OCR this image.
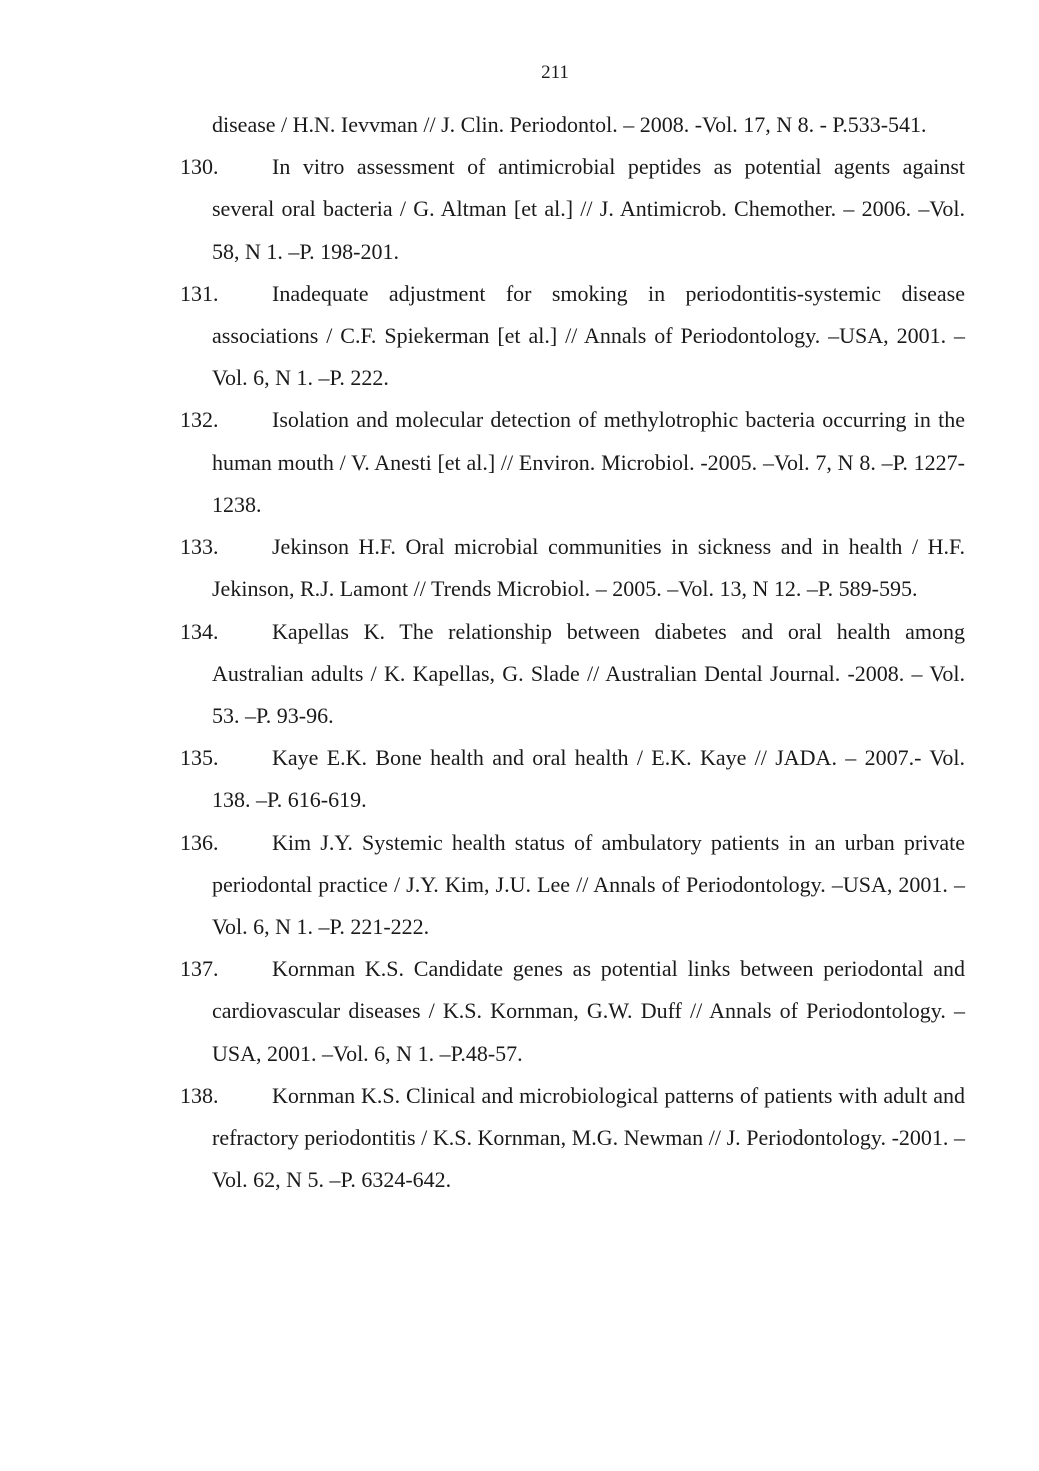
211
disease / H.N. Ievvman // J. Clin. Periodontol. – 2008. -Vol. 17, N 8. - P.533-541.
130.	In vitro assessment of antimicrobial peptides as potential agents against several oral bacteria / G. Altman [et al.] // J. Antimicrob. Chemother. – 2006. –Vol. 58, N 1. –P. 198-201.
131.	Inadequate adjustment for smoking in periodontitis-systemic disease associations / C.F. Spiekerman [et al.] // Annals of Periodontology. –USA, 2001. –Vol. 6, N 1. –P. 222.
132.	Isolation and molecular detection of methylotrophic bacteria occurring in the human mouth / V. Anesti [et al.] // Environ. Microbiol. -2005. –Vol. 7, N 8. –P. 1227-1238.
133.	Jekinson H.F. Oral microbial communities in sickness and in health / H.F. Jekinson, R.J. Lamont // Trends Microbiol. – 2005. –Vol. 13, N 12. –P. 589-595.
134.	Kapellas K. The relationship between diabetes and oral health among Australian adults / K. Kapellas, G. Slade // Australian Dental Journal. -2008. – Vol. 53. –P. 93-96.
135.	Kaye E.K. Bone health and oral health / E.K. Kaye // JADA. – 2007.- Vol. 138. –P. 616-619.
136.	Kim J.Y. Systemic health status of ambulatory patients in an urban private periodontal practice / J.Y. Kim, J.U. Lee // Annals of Periodontology. –USA, 2001. –Vol. 6, N 1. –P. 221-222.
137.	Kornman K.S. Candidate genes as potential links between periodontal and cardiovascular diseases / K.S. Kornman, G.W. Duff // Annals of Periodontology. –USA, 2001. –Vol. 6, N 1. –P.48-57.
138.	Kornman K.S. Clinical and microbiological patterns of patients with adult and refractory periodontitis / K.S. Kornman, M.G. Newman // J. Periodontology. -2001. –Vol. 62, N 5. –P. 6324-642.
